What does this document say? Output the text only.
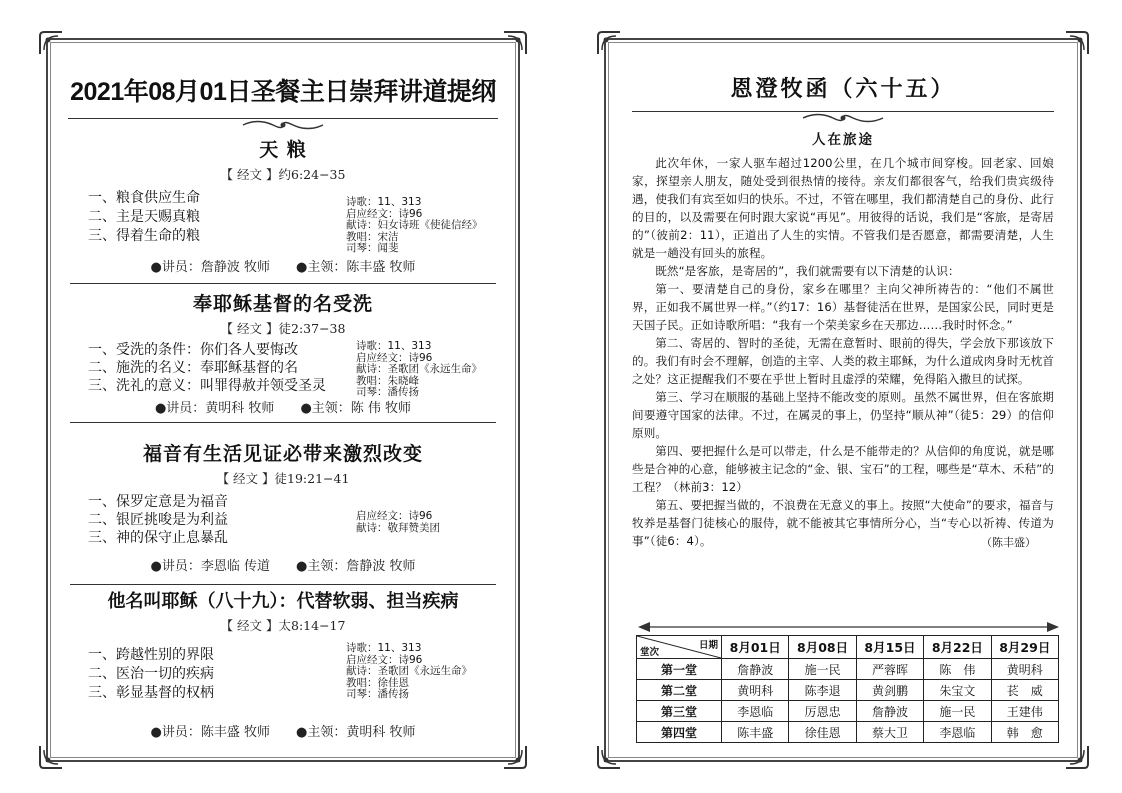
2021年08月01日圣餐主日崇拜讲道提纲
天 粮
【 经文 】约6:24−35
一、粮食供应生命
二、主是天赐真粮
三、得着生命的粮
诗歌：11、313
启应经文：诗96
献诗：妇女诗班《使徒信经》
教唱：宋洁
司琴：闻斐
●讲员：詹静波 牧师　　 ●主领：陈丰盛 牧师
奉耶稣基督的名受洗
【 经文 】徒2:37−38
一、受洗的条件：你们各人要悔改
二、施洗的名义：奉耶稣基督的名
三、洗礼的意义：叫罪得赦并领受圣灵
诗歌：11、313
启应经文：诗96
献诗：圣歌团《永远生命》
教唱：朱晓峰
司琴：潘传扬
●讲员：黄明科 牧师　　 ●主领：陈 伟 牧师
福音有生活见证必带来激烈改变
【 经文 】徒19:21−41
一、保罗定意是为福音
二、银匠挑唆是为利益
三、神的保守止息暴乱
启应经文：诗96
献诗：敬拜赞美团
●讲员：李恩临 传道　　 ●主领：詹静波 牧师
他名叫耶稣（八十九）：代替软弱、担当疾病
【 经文 】太8:14−17
一、跨越性别的界限
二、医治一切的疾病
三、彰显基督的权柄
诗歌：11、313
启应经文：诗96
献诗：圣歌团《永远生命》
教唱：徐佳恩
司琴：潘传扬
●讲员：陈丰盛 牧师　　 ●主领：黄明科 牧师
恩澄牧函（六十五）
人在旅途

此次年休，一家人驱车超过1200公里，在几个城市间穿梭。回老家、回娘家，探望亲人朋友，随处受到很热情的接待。亲友们都很客气，给我们贵宾级待遇，使我们有宾至如归的快乐。不过，不管在哪里，我们都清楚自己的身份、此行的目的，以及需要在何时跟大家说“再见”。用彼得的话说，我们是“客旅，是寄居的”（彼前2：11），正道出了人生的实情。不管我们是否愿意，都需要清楚，人生就是一趟没有回头的旅程。

既然“是客旅，是寄居的”，我们就需要有以下清楚的认识：

第一、要清楚自己的身份，家乡在哪里？主向父神所祷告的：“他们不属世界，正如我不属世界一样。”（约17：16）基督徒活在世界，是国家公民，同时更是天国子民。正如诗歌所唱：“我有一个荣美家乡在天那边……我时时怀念。”

第二、寄居的、智时的圣徒，无需在意暂时、眼前的得失，学会放下那该放下的。我们有时会不理解，创造的主宰、人类的救主耶稣，为什么道成肉身时无枕首之处？这正提醒我们不要在乎世上暂时且虚浮的荣耀，免得陷入撒旦的试探。

第三、学习在顺服的基础上坚持不能改变的原则。虽然不属世界，但在客旅期间要遵守国家的法律。不过，在属灵的事上，仍坚持“顺从神”（徒5：29）的信仰原则。

第四、要把握什么是可以带走，什么是不能带走的？从信仰的角度说，就是哪些是合神的心意，能够被主记念的“金、银、宝石”的工程，哪些是“草木、禾秸”的工程？（林前3：12）

第五、要把握当做的，不浪费在无意义的事上。按照“大使命”的要求，福音与牧养是基督门徒核心的服侍，就不能被其它事情所分心，当“专心以祈祷、传道为事”（徒6：4）。	（陈丰盛）
日期
堂次	8月01日	8月08日	8月15日	8月22日	8月29日
第一堂	詹静波	施一民	严蓉晖	陈　伟	黄明科
第二堂	黄明科	陈李退	黄剑鹏	朱宝文	苌　威
第三堂	李恩临	厉恩忠	詹静波	施一民	王建伟
第四堂	陈丰盛	徐佳恩	蔡大卫	李恩临	韩　愈
